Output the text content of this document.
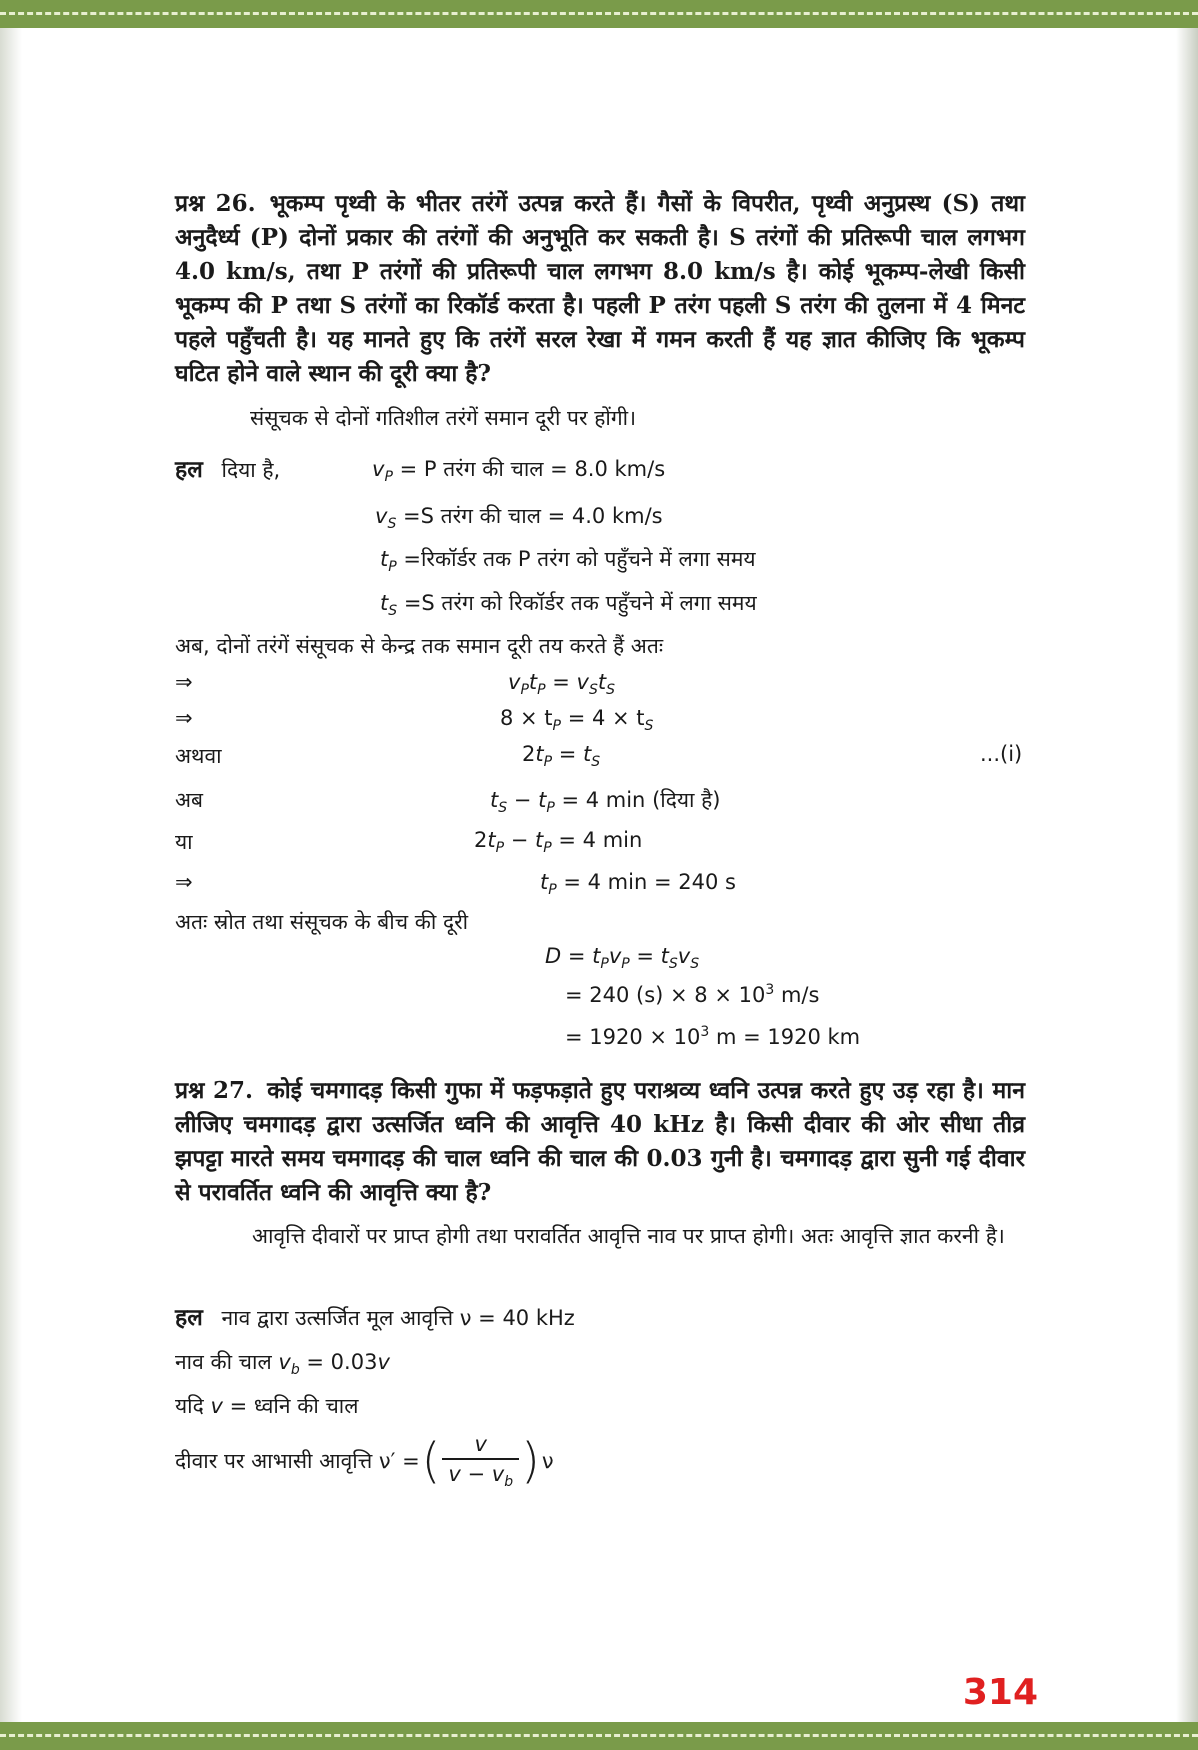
प्रश्न 26. भूकम्प पृथ्वी के भीतर तरंगें उत्पन्न करते हैं। गैसों के विपरीत, पृथ्वी अनुप्रस्थ (S) तथा अनुदैर्ध्य (P) दोनों प्रकार की तरंगों की अनुभूति कर सकती है। S तरंगों की प्रतिरूपी चाल लगभग 4.0 km/s, तथा P तरंगों की प्रतिरूपी चाल लगभग 8.0 km/s है। कोई भूकम्प-लेखी किसी भूकम्प की P तथा S तरंगों का रिकॉर्ड करता है। पहली P तरंग पहली S तरंग की तुलना में 4 मिनट पहले पहुँचती है। यह मानते हुए कि तरंगें सरल रेखा में गमन करती हैं यह ज्ञात कीजिए कि भूकम्प घटित होने वाले स्थान की दूरी क्या है?

संसूचक से दोनों गतिशील तरंगें समान दूरी पर होंगी।

हल दिया है,	$v_P = P$ तरंग की चाल = 8.0 km/s
$v_S =S$ तरंग की चाल = 4.0 km/s
$t_P$ =रिकॉर्डर तक P तरंग को पहुँचने में लगा समय
$t_S =S$ तरंग को रिकॉर्डर तक पहुँचने में लगा समय
अब, दोनों तरंगें संसूचक से केन्द्र तक समान दूरी तय करते हैं अतः
⇒	$v_Pt_P = v_St_S$
⇒	$8 \times t_P = 4 \times t_S$
अथवा	$2t_P = t_S$	...(i)
अब	$t_S - t_P = 4$ min (दिया है)
या	$2t_P - t_P = 4$ min
⇒	$t_P = 4$ min = 240 s
अतः स्रोत तथा संसूचक के बीच की दूरी
$D = t_Pv_P = t_Sv_S$
= 240 $(s) \times 8 \times 10^3$ m/s
= $1920 \times 10^3$ m = 1920 km

प्रश्न 27. कोई चमगादड़ किसी गुफा में फड़फड़ाते हुए पराश्रव्य ध्वनि उत्पन्न करते हुए उड़ रहा है। मान लीजिए चमगादड़ द्वारा उत्सर्जित ध्वनि की आवृत्ति 40 kHz है। किसी दीवार की ओर सीधा तीव्र झपट्टा मारते समय चमगादड़ की चाल ध्वनि की चाल की 0.03 गुनी है। चमगादड़ द्वारा सुनी गई दीवार से परावर्तित ध्वनि की आवृत्ति क्या है?

आवृत्ति दीवारों पर प्राप्त होगी तथा परावर्तित आवृत्ति नाव पर प्राप्त होगी। अतः आवृत्ति ज्ञात करनी है।

हल नाव द्वारा उत्सर्जित मूल आवृत्ति ν = 40 kHz
नाव की चाल $v_b = 0.03v$
यदि v = ध्वनि की चाल
दीवार पर आभासी आवृत्ति ν′ = ( $\frac{v}{v - v_b}$ ) ν
314
